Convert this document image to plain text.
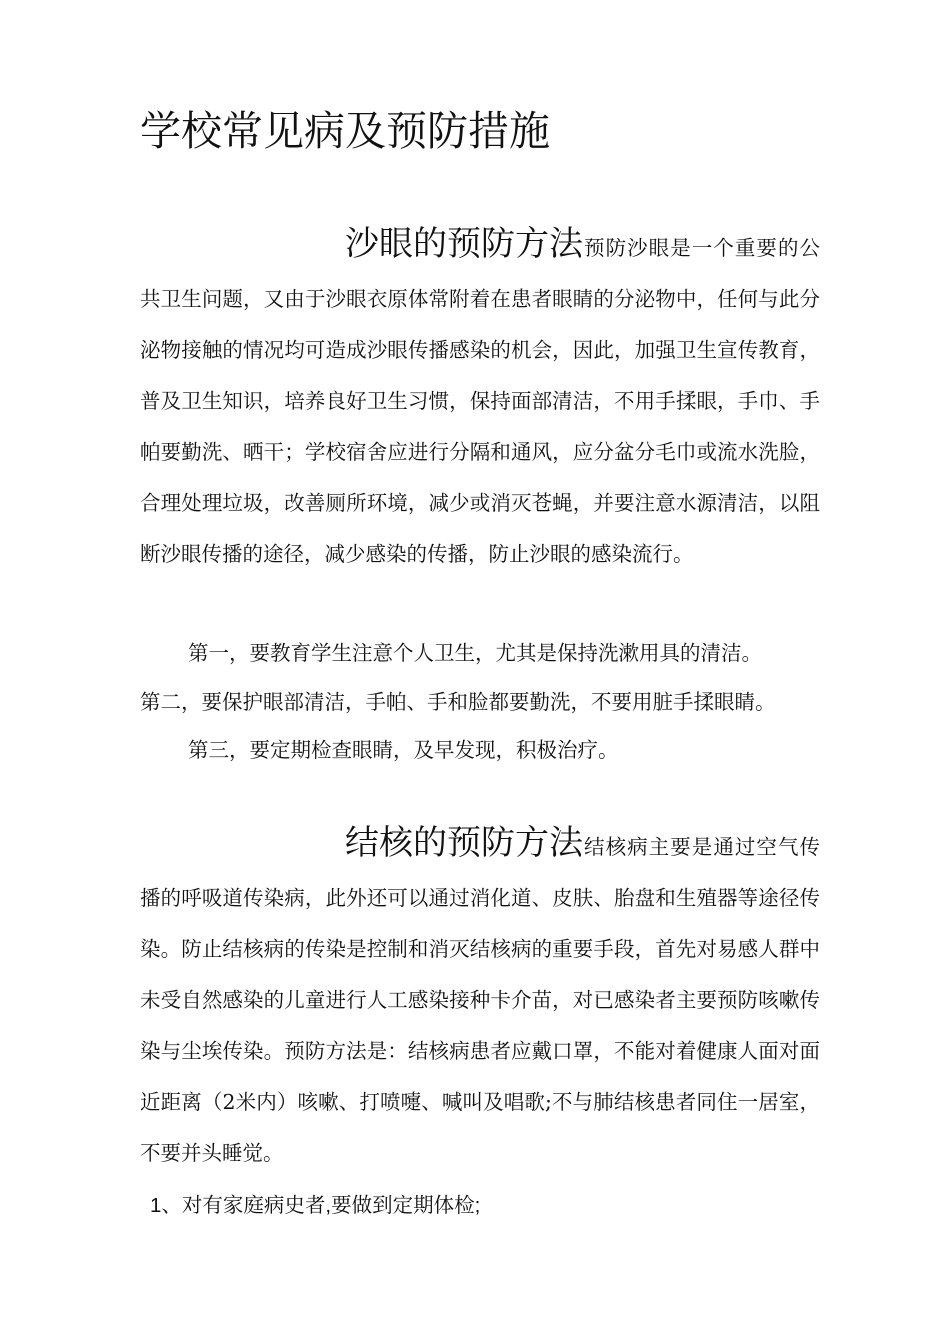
学校常见病及预防措施

沙眼的预防方法预防沙眼是一个重要的公共卫生问题，又由于沙眼衣原体常附着在患者眼睛的分泌物中，任何与此分泌物接触的情况均可造成沙眼传播感染的机会，因此，加强卫生宣传教育，普及卫生知识，培养良好卫生习惯，保持面部清洁，不用手揉眼，手巾、手帕要勤洗、晒干；学校宿舍应进行分隔和通风，应分盆分毛巾或流水洗脸，合理处理垃圾，改善厕所环境，减少或消灭苍蝇，并要注意水源清洁，以阻断沙眼传播的途径，减少感染的传播，防止沙眼的感染流行。

第一，要教育学生注意个人卫生，尤其是保持洗漱用具的清洁。

第二，要保护眼部清洁，手帕、手和脸都要勤洗，不要用脏手揉眼睛。

第三，要定期检查眼睛，及早发现，积极治疗。

结核的预防方法结核病主要是通过空气传播的呼吸道传染病，此外还可以通过消化道、皮肤、胎盘和生殖器等途径传染。防止结核病的传染是控制和消灭结核病的重要手段，首先对易感人群中未受自然感染的儿童进行人工感染接种卡介苗，对已感染者主要预防咳嗽传染与尘埃传染。预防方法是：结核病患者应戴口罩，不能对着健康人面对面近距离（2米内）咳嗽、打喷嚏、喊叫及唱歌;不与肺结核患者同住一居室，不要并头睡觉。

1、对有家庭病史者,要做到定期体检;
